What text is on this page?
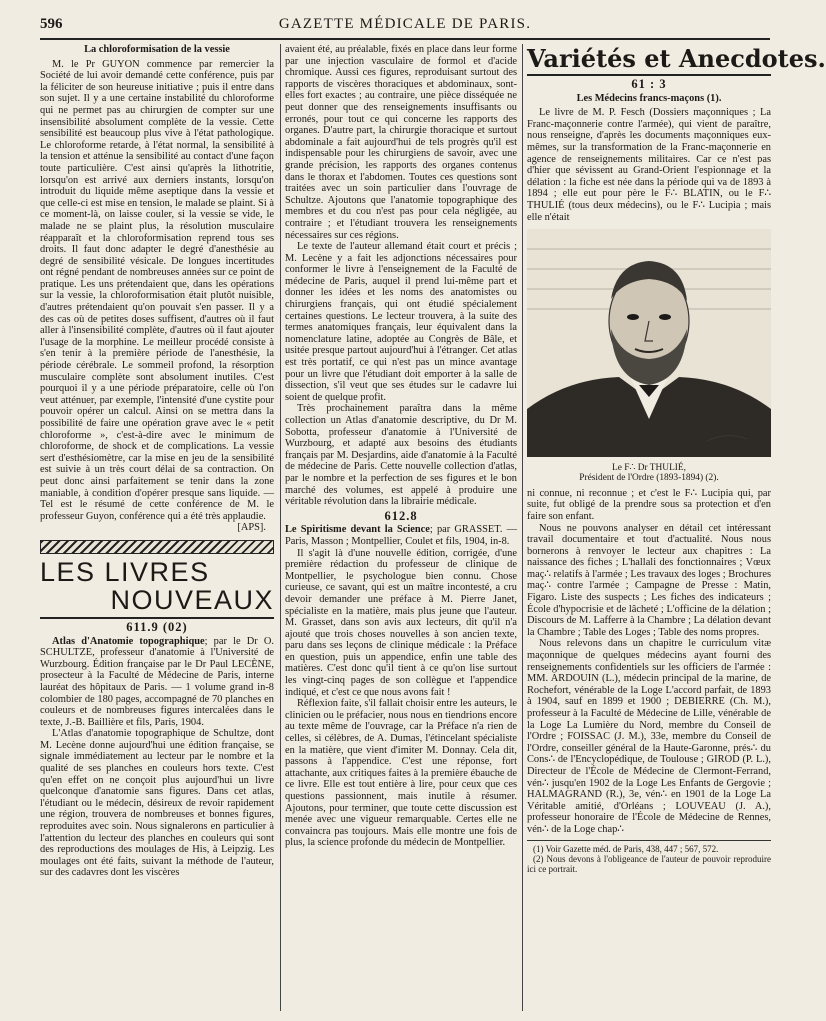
596	GAZETTE MÉDICALE DE PARIS.
La chloroformisation de la vessie

M. le Pr GUYON commence par remercier la Société de lui avoir demandé cette conférence, puis par la féliciter de son heureuse initiative ; puis il entre dans son sujet. Il y a une certaine instabilité du chloroforme qui ne permet pas au chirurgien de compter sur une insensibilité absolument complète de la vessie. Cette sensibilité est beaucoup plus vive à l'état pathologique. Le chloroforme retarde, à l'état normal, la sensibilité à la tension et atténue la sensibilité au contact d'une façon toute particulière. C'est ainsi qu'après la lithotritie, lorsqu'on est arrivé aux derniers instants, lorsqu'on introduit du liquide même aseptique dans la vessie et que celle-ci est mise en tension, le malade se plaint. Si à ce moment-là, on laisse couler, si la vessie se vide, le malade ne se plaint plus, la résolution musculaire réapparaît et la chloroformisation reprend tous ses droits. Il faut donc adapter le degré d'anesthésie au degré de sensibilité vésicale. De longues incertitudes ont régné pendant de nombreuses années sur ce point de pratique. Les uns prétendaient que, dans les opérations sur la vessie, la chloroformisation était plutôt nuisible, d'autres prétendaient qu'on pouvait s'en passer. Il y a des cas où de petites doses suffisent, d'autres où il faut aller à l'insensibilité complète, d'autres où il faut ajouter l'usage de la morphine. Le meilleur procédé consiste à s'en tenir à la première période de l'anesthésie, la période cérébrale. Le sommeil profond, la résorption musculaire complète sont absolument inutiles. C'est pourquoi il y a une période préparatoire, celle où l'on veut atténuer, par exemple, l'intensité d'une cystite pour pouvoir opérer un calcul. Ainsi on se mettra dans la possibilité de faire une opération grave avec le « petit chloroforme », c'est-à-dire avec le minimum de chloroforme, de shock et de complications. La vessie sert d'esthésiomètre, car la mise en jeu de la sensibilité est suivie à un très court délai de sa contraction. On peut donc ainsi parfaitement se tenir dans la zone maniable, à condition d'opérer presque sans liquide. — Tel est le résumé de cette conférence de M. le professeur Guyon, conférence qui a été très applaudie.

[APS].
LES LIVRES
NOUVEAUX
611.9 (02)

Atlas d'Anatomie topographique; par le Dr O. SCHULTZE, professeur d'anatomie à l'Université de Wurzbourg. Édition française par le Dr Paul LECÈNE, prosecteur à la Faculté de Médecine de Paris, interne lauréat des hôpitaux de Paris. — 1 volume grand in-8 colombier de 180 pages, accompagné de 70 planches en couleurs et de nombreuses figures intercalées dans le texte, J.-B. Baillière et fils, Paris, 1904.

L'Atlas d'anatomie topographique de Schultze, dont M. Lecène donne aujourd'hui une édition française, se signale immédiatement au lecteur par le nombre et la qualité de ses planches en couleurs hors texte. C'est qu'en effet on ne conçoit plus aujourd'hui un livre quelconque d'anatomie sans figures. Dans cet atlas, l'étudiant ou le médecin, désireux de revoir rapidement une région, trouvera de nombreuses et bonnes figures, reproduites avec soin. Nous signalerons en particulier à l'attention du lecteur des planches en couleurs qui sont des reproductions des moulages de His, à Leipzig. Les moulages ont été faits, suivant la méthode de l'auteur, sur des cadavres dont les viscères

avaient été, au préalable, fixés en place dans leur forme par une injection vasculaire de formol et d'acide chromique. Aussi ces figures, reproduisant surtout des rapports de viscères thoraciques et abdominaux, sont-elles fort exactes ; au contraire, une pièce disséquée ne peut donner que des renseignements insuffisants ou erronés, pour tout ce qui concerne les rapports des organes. D'autre part, la chirurgie thoracique et surtout abdominale a fait aujourd'hui de tels progrès qu'il est indispensable pour les chirurgiens de savoir, avec une grande précision, les rapports des organes contenus dans le thorax et l'abdomen. Toutes ces questions sont traitées avec un soin particulier dans l'ouvrage de Schultze. Ajoutons que l'anatomie topographique des membres et du cou n'est pas pour cela négligée, au contraire ; et l'étudiant trouvera les renseignements nécessaires sur ces régions.

Le texte de l'auteur allemand était court et précis ; M. Lecène y a fait les adjonctions nécessaires pour conformer le livre à l'enseignement de la Faculté de médecine de Paris, auquel il prend lui-même part et donner les idées et les noms des anatomistes ou chirurgiens français, qui ont étudié spécialement certaines questions. Le lecteur trouvera, à la suite des termes anatomiques français, leur équivalent dans la nomenclature latine, adoptée au Congrès de Bâle, et usitée presque partout aujourd'hui à l'étranger. Cet atlas est très portatif, ce qui n'est pas un mince avantage pour un livre que l'étudiant doit emporter à la salle de dissection, s'il veut que ses études sur le cadavre lui soient de quelque profit.

Très prochainement paraîtra dans la même collection un Atlas d'anatomie descriptive, du Dr M. Sobotta, professeur d'anatomie à l'Université de Wurzbourg, et adapté aux besoins des étudiants français par M. Desjardins, aide d'anatomie à la Faculté de médecine de Paris. Cette nouvelle collection d'atlas, par le nombre et la perfection de ses figures et le bon marché des volumes, est appelé à produire une véritable révolution dans la librairie médicale.

612.8

Le Spiritisme devant la Science; par GRASSET. — Paris, Masson ; Montpellier, Coulet et fils, 1904, in-8.

Il s'agit là d'une nouvelle édition, corrigée, d'une première rédaction du professeur de clinique de Montpellier, le psychologue bien connu. Chose curieuse, ce savant, qui est un maître incontesté, a cru devoir demander une préface à M. Pierre Janet, spécialiste en la matière, mais plus jeune que l'auteur. M. Grasset, dans son avis aux lecteurs, dit qu'il n'a ajouté que trois choses nouvelles à son ancien texte, paru dans ses leçons de clinique médicale : la Préface en question, puis un appendice, enfin une table des matières. C'est donc qu'il tient à ce qu'on lise surtout les vingt-cinq pages de son collègue et l'appendice indiqué, et c'est ce que nous avons fait !

Réflexion faite, s'il fallait choisir entre les auteurs, le clinicien ou le préfacier, nous nous en tiendrions encore au texte même de l'ouvrage, car la Préface n'a rien de celles, si célèbres, de A. Dumas, l'étincelant spécialiste en la matière, que vient d'imiter M. Donnay. Cela dit, passons à l'appendice. C'est une réponse, fort attachante, aux critiques faites à la première ébauche de ce livre. Elle est tout entière à lire, pour ceux que ces questions passionnent, mais inutile à résumer. Ajoutons, pour terminer, que toute cette discussion est menée avec une vigueur remarquable. Certes elle ne convaincra pas toujours. Mais elle montre une fois de plus, la science profonde du médecin de Montpellier.

Variétés et Anecdotes.
61 : 3
Les Médecins francs-maçons (1).

Le livre de M. P. Fesch (Dossiers maçonniques ; La Franc-maçonnerie contre l'armée), qui vient de paraître, nous renseigne, d'après les documents maçonniques eux-mêmes, sur la transformation de la Franc-maçonnerie en agence de renseignements militaires. Car ce n'est pas d'hier que sévissent au Grand-Orient l'espionnage et la délation : la fiche est née dans la période qui va de 1893 à 1894 ; elle eut pour père le F∴ BLATIN, ou le F∴ THULIÉ (tous deux médecins), ou le F∴ Lucipia ; mais elle n'était

Le F∴ Dr THULIÉ,
Président de l'Ordre (1893-1894) (2).

ni connue, ni reconnue ; et c'est le F∴ Lucipia qui, par suite, fut obligé de la prendre sous sa protection et d'en faire son enfant.

Nous ne pouvons analyser en détail cet intéressant travail documentaire et tout d'actualité. Nous nous bornerons à renvoyer le lecteur aux chapitres : La naissance des fiches ; L'hallali des fonctionnaires ; Vœux maç∴ relatifs à l'armée ; Les travaux des loges ; Brochures maç∴ contre l'armée ; Campagne de Presse : Matin, Figaro. Liste des suspects ; Les fiches des indicateurs ; École d'hypocrisie et de lâcheté ; L'officine de la délation ; Discours de M. Lafferre à la Chambre ; La délation devant la Chambre ; Table des Loges ; Table des noms propres.

Nous relevons dans un chapitre le curriculum vitæ maçonnique de quelques médecins ayant fourni des renseignements confidentiels sur les officiers de l'armée : MM. ARDOUIN (L.), médecin principal de la marine, de Rochefort, vénérable de la Loge L'accord parfait, de 1893 à 1904, sauf en 1899 et 1900 ; DEBIERRE (Ch. M.), professeur à la Faculté de Médecine de Lille, vénérable de la Loge La Lumière du Nord, membre du Conseil de l'Ordre ; FOISSAC (J. M.), 33e, membre du Conseil de l'Ordre, conseiller général de la Haute-Garonne, prés∴ du Cons∴ de l'Encyclopédique, de Toulouse ; GIROD (P. L.), Directeur de l'École de Médecine de Clermont-Ferrand, vén∴ jusqu'en 1902 de la Loge Les Enfants de Gergovie ; HALMAGRAND (R.), 3e, vén∴ en 1901 de la Loge La Véritable amitié, d'Orléans ; LOUVEAU (J. A.), professeur honoraire de l'École de Médecine de Rennes, vén∴ de la Loge chap∴

(1) Voir Gazette méd. de Paris, 438, 447 ; 567, 572.

(2) Nous devons à l'obligeance de l'auteur de pouvoir reproduire ici ce portrait.
